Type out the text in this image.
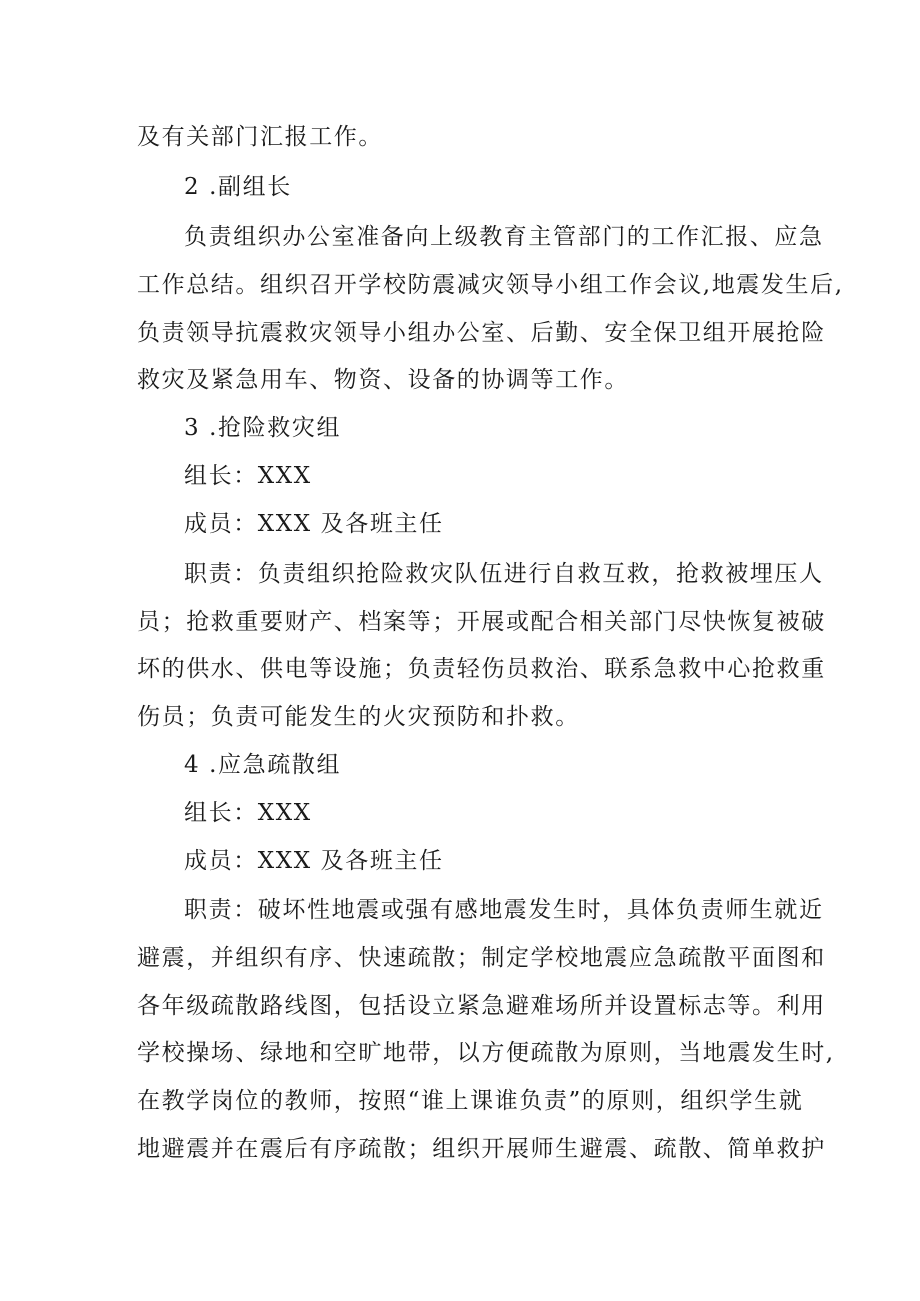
及有关部门汇报工作。
2 .副组长
负责组织办公室准备向上级教育主管部门的工作汇报、应急
工作总结。组织召开学校防震减灾领导小组工作会议,地震发生后,
负责领导抗震救灾领导小组办公室、后勤、安全保卫组开展抢险
救灾及紧急用车、物资、设备的协调等工作。
3 .抢险救灾组
组长：XXX
成员：XXX 及各班主任
职责：负责组织抢险救灾队伍进行自救互救，抢救被埋压人
员；抢救重要财产、档案等；开展或配合相关部门尽快恢复被破
坏的供水、供电等设施；负责轻伤员救治、联系急救中心抢救重
伤员；负责可能发生的火灾预防和扑救。
4 .应急疏散组
组长：XXX
成员：XXX 及各班主任
职责：破坏性地震或强有感地震发生时，具体负责师生就近
避震，并组织有序、快速疏散；制定学校地震应急疏散平面图和
各年级疏散路线图，包括设立紧急避难场所并设置标志等。利用
学校操场、绿地和空旷地带，以方便疏散为原则，当地震发生时,
在教学岗位的教师，按照“谁上课谁负责”的原则，组织学生就
地避震并在震后有序疏散；组织开展师生避震、疏散、简单救护
